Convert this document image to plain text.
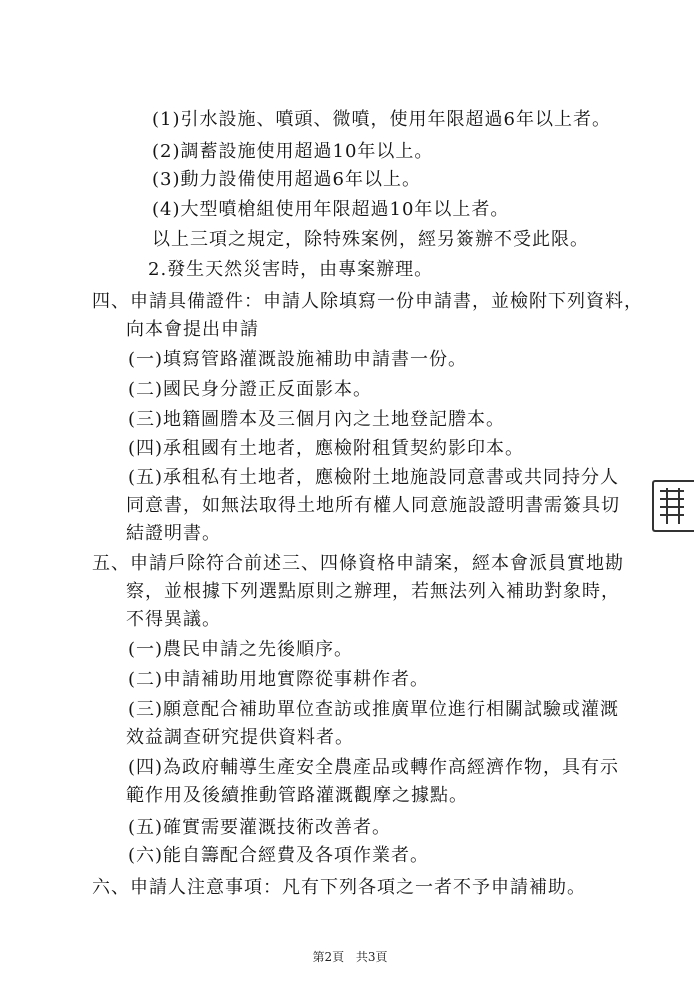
(1)引水設施、噴頭、微噴，使用年限超過6年以上者。
(2)調蓄設施使用超過10年以上。
(3)動力設備使用超過6年以上。
(4)大型噴槍組使用年限超過10年以上者。
以上三項之規定，除特殊案例，經另簽辦不受此限。
2.發生天然災害時，由專案辦理。
四、申請具備證件：申請人除填寫一份申請書，並檢附下列資料，
向本會提出申請
(一)填寫管路灌溉設施補助申請書一份。
(二)國民身分證正反面影本。
(三)地籍圖謄本及三個月內之土地登記謄本。
(四)承租國有土地者，應檢附租賃契約影印本。
(五)承租私有土地者，應檢附土地施設同意書或共同持分人
同意書，如無法取得土地所有權人同意施設證明書需簽具切
結證明書。
五、申請戶除符合前述三、四條資格申請案，經本會派員實地勘
察，並根據下列選點原則之辦理，若無法列入補助對象時，
不得異議。
(一)農民申請之先後順序。
(二)申請補助用地實際從事耕作者。
(三)願意配合補助單位查訪或推廣單位進行相關試驗或灌溉
效益調查研究提供資料者。
(四)為政府輔導生產安全農產品或轉作高經濟作物，具有示
範作用及後續推動管路灌溉觀摩之據點。
(五)確實需要灌溉技術改善者。
(六)能自籌配合經費及各項作業者。
六、申請人注意事項：凡有下列各項之一者不予申請補助。
第2頁 共3頁
